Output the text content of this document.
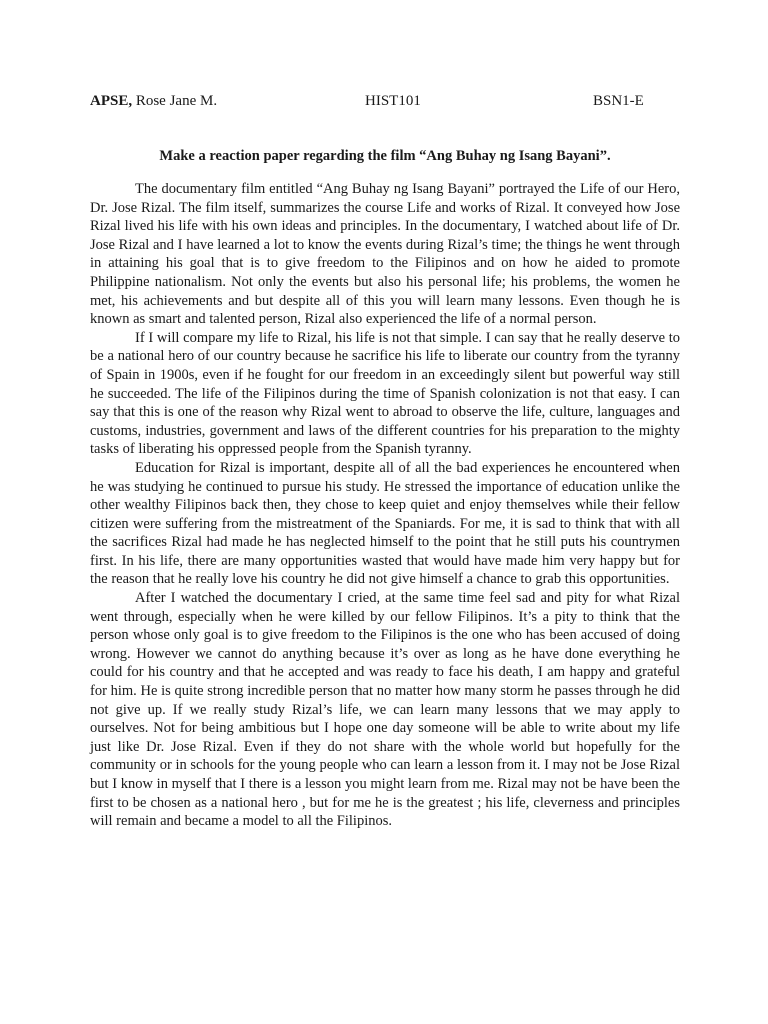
APSE, Rose Jane M.	HIST101	BSN1-E
Make a reaction paper regarding the film “Ang Buhay ng Isang Bayani”.

The documentary film entitled “Ang Buhay ng Isang Bayani” portrayed the Life of our Hero, Dr. Jose Rizal. The film itself, summarizes the course Life and works of Rizal. It conveyed how Jose Rizal lived his life with his own ideas and principles. In the documentary, I watched about life of Dr. Jose Rizal and I have learned a lot to know the events during Rizal’s time; the things he went through in attaining his goal that is to give freedom to the Filipinos and on how he aided to promote Philippine nationalism. Not only the events but also his personal life; his problems, the women he met, his achievements and but despite all of this you will learn many lessons. Even though he is known as smart and talented person, Rizal also experienced the life of a normal person.

If I will compare my life to Rizal, his life is not that simple. I can say that he really deserve to be a national hero of our country because he sacrifice his life to liberate our country from the tyranny of Spain in 1900s, even if he fought for our freedom in an exceedingly silent but powerful way still he succeeded. The life of the Filipinos during the time of Spanish colonization is not that easy. I can say that this is one of the reason why Rizal went to abroad to observe the life, culture, languages and customs, industries, government and laws of the different countries for his preparation to the mighty tasks of liberating his oppressed people from the Spanish tyranny.

Education for Rizal is important, despite all of all the bad experiences he encountered when he was studying he continued to pursue his study. He stressed the importance of education unlike the other wealthy Filipinos back then, they chose to keep quiet and enjoy themselves while their fellow citizen were suffering from the mistreatment of the Spaniards. For me, it is sad to think that with all the sacrifices Rizal had made he has neglected himself to the point that he still puts his countrymen first. In his life, there are many opportunities wasted that would have made him very happy but for the reason that he really love his country he did not give himself a chance to grab this opportunities.

After I watched the documentary I cried, at the same time feel sad and pity for what Rizal went through, especially when he were killed by our fellow Filipinos. It’s a pity to think that the person whose only goal is to give freedom to the Filipinos is the one who has been accused of doing wrong. However we cannot do anything because it’s over as long as he have done everything he could for his country and that he accepted and was ready to face his death, I am happy and grateful for him. He is quite strong incredible person that no matter how many storm he passes through he did not give up. If we really study Rizal’s life, we can learn many lessons that we may apply to ourselves. Not for being ambitious but I hope one day someone will be able to write about my life just like Dr. Jose Rizal. Even if they do not share with the whole world but hopefully for the community or in schools for the young people who can learn a lesson from it. I may not be Jose Rizal but I know in myself that I there is a lesson you might learn from me. Rizal may not be have been the first to be chosen as a national hero , but for me he is the greatest ; his life, cleverness and principles will remain and became a model to all the Filipinos.
